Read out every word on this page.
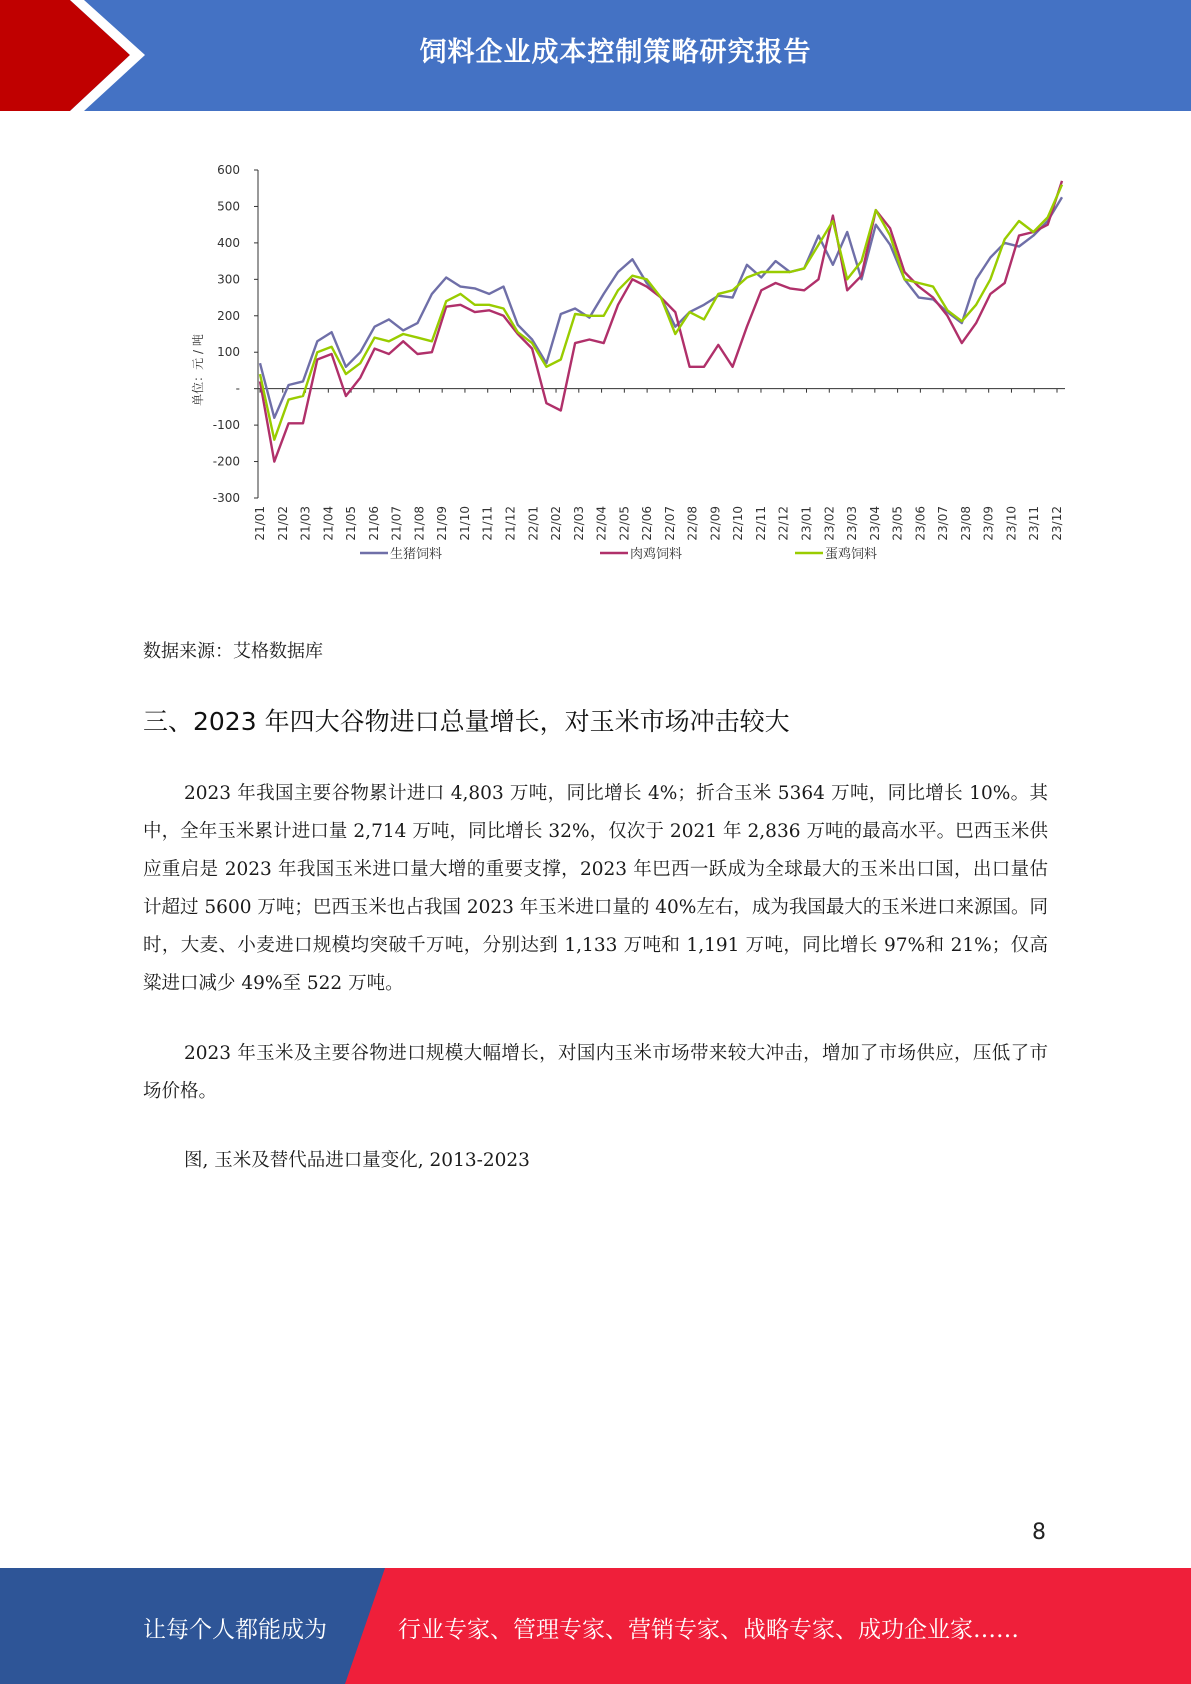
饲料企业成本控制策略研究报告
600
500
400
300
200
100
-
-100
-200
-300
21/01 21/02 21/03 21/04 21/05 21/06 21/07 21/08 21/09 21/10 21/11 21/12 22/01 22/02 22/03 22/04 22/05 22/06 22/07 22/08 22/09 22/10 22/11 22/12 23/01 23/02 23/03 23/04 23/05 23/06 23/07 23/08 23/09 23/10 23/11 23/12
生猪饲料	肉鸡饲料	蛋鸡饲料
单位：元 / 吨
数据来源：艾格数据库
三、2023 年四大谷物进口总量增长，对玉米市场冲击较大

2023 年我国主要谷物累计进口 4,803 万吨，同比增长 4%；折合玉米 5364 万吨，同比增长 10%。其中，全年玉米累计进口量 2,714 万吨，同比增长 32%，仅次于 2021 年 2,836 万吨的最高水平。巴西玉米供应重启是 2023 年我国玉米进口量大增的重要支撑，2023 年巴西一跃成为全球最大的玉米出口国，出口量估计超过 5600 万吨；巴西玉米也占我国 2023 年玉米进口量的 40%左右，成为我国最大的玉米进口来源国。同时，大麦、小麦进口规模均突破千万吨，分别达到 1,133 万吨和 1,191 万吨，同比增长 97%和 21%；仅高粱进口减少 49%至 522 万吨。

2023 年玉米及主要谷物进口规模大幅增长，对国内玉米市场带来较大冲击，增加了市场供应，压低了市场价格。

图, 玉米及替代品进口量变化, 2013-2023
8
让每个人都能成为	行业专家、管理专家、营销专家、战略专家、成功企业家……
